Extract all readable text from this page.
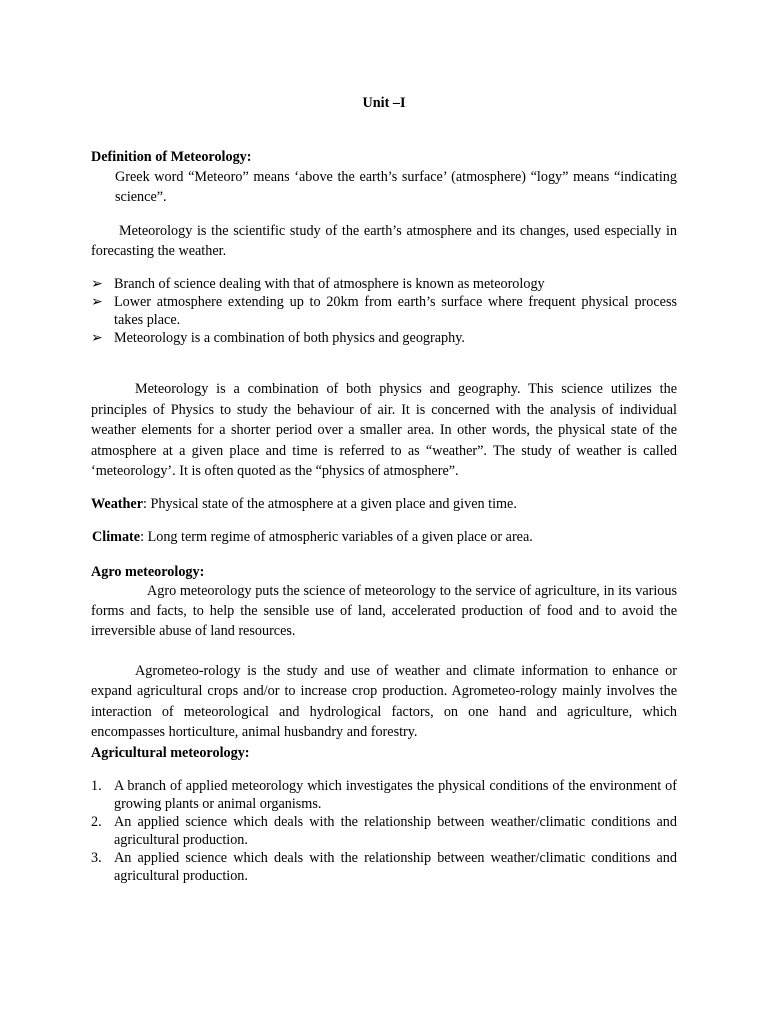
Unit –I
Definition of Meteorology:
Greek word “Meteoro” means ‘above the earth’s surface’ (atmosphere) “logy” means “indicating science”.
Meteorology is the scientific study of the earth’s atmosphere and its changes, used especially in forecasting the weather.
➢ Branch of science dealing with that of atmosphere is known as meteorology
➢ Lower atmosphere extending up to 20km from earth’s surface where frequent physical process takes place.
➢ Meteorology is a combination of both physics and geography.
Meteorology is a combination of both physics and geography. This science utilizes the principles of Physics to study the behaviour of air. It is concerned with the analysis of individual weather elements for a shorter period over a smaller area. In other words, the physical state of the atmosphere at a given place and time is referred to as “weather”. The study of weather is called ‘meteorology’. It is often quoted as the “physics of atmosphere”.
Weather: Physical state of the atmosphere at a given place and given time.
Climate: Long term regime of atmospheric variables of a given place or area.
Agro meteorology:
Agro meteorology puts the science of meteorology to the service of agriculture, in its various forms and facts, to help the sensible use of land, accelerated production of food and to avoid the irreversible abuse of land resources.
Agrometeo-rology is the study and use of weather and climate information to enhance or expand agricultural crops and/or to increase crop production. Agrometeo-rology mainly involves the interaction of meteorological and hydrological factors, on one hand and agriculture, which encompasses horticulture, animal husbandry and forestry.
Agricultural meteorology:
1. A branch of applied meteorology which investigates the physical conditions of the environment of growing plants or animal organisms.
2. An applied science which deals with the relationship between weather/climatic conditions and agricultural production.
3. An applied science which deals with the relationship between weather/climatic conditions and agricultural production.
